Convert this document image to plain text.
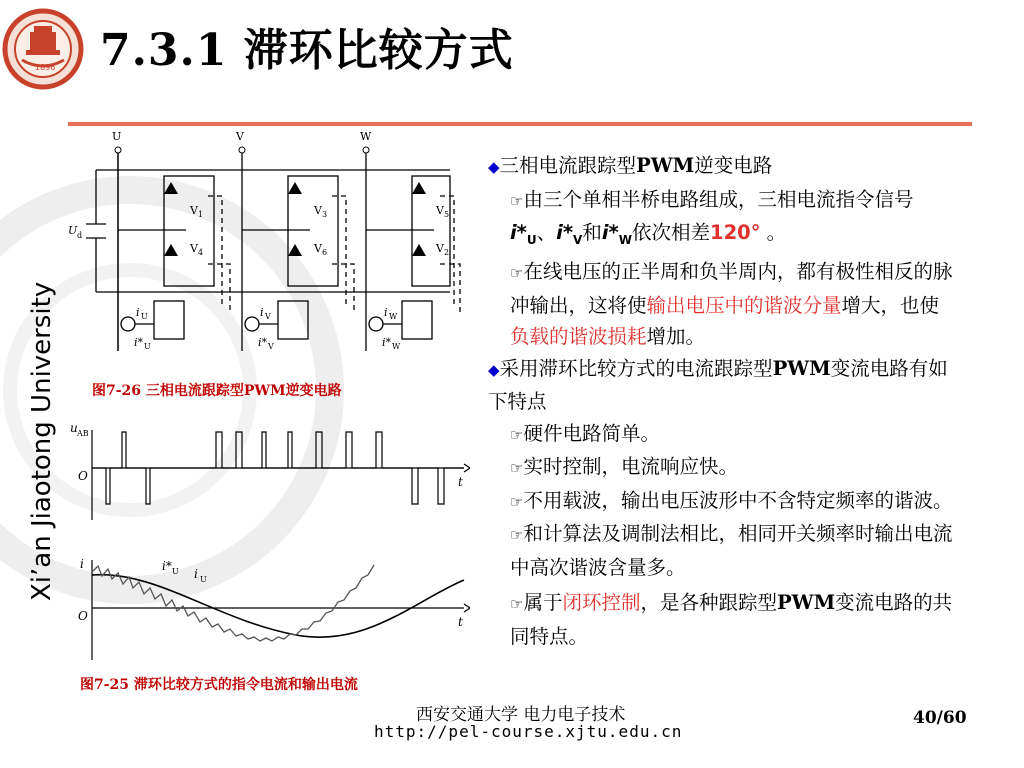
1896 7.3.1 滞环比较方式
Xi’an Jiaotong University
U	V	W
U d
V 1
V 4
V 3
V 6
V 5
V 2
i U	i V	i W
i* U	i* V	i* W
图7-26 三相电流跟踪型PWM逆变电路
u AB
O	t
i
O	t
i* U i U
图7-25 滞环比较方式的指令电流和输出电流

◆三相电流跟踪型PWM逆变电路

☞由三个单相半桥电路组成，三相电流指令信号$i*_U$、$i*_V$和$i*_W$依次相差120° 。

☞在线电压的正半周和负半周内，都有极性相反的脉冲输出，这将使输出电压中的谐波分量增大，也使负载的谐波损耗增加。

◆采用滞环比较方式的电流跟踪型PWM变流电路有如下特点

☞硬件电路简单。

☞实时控制，电流响应快。

☞不用载波，输出电压波形中不含特定频率的谐波。

☞和计算法及调制法相比，相同开关频率时输出电流中高次谐波含量多。

☞属于闭环控制，是各种跟踪型PWM变流电路的共同特点。

西安交通大学 电力电子技术
http://pel-course.xjtu.edu.cn
40/60
